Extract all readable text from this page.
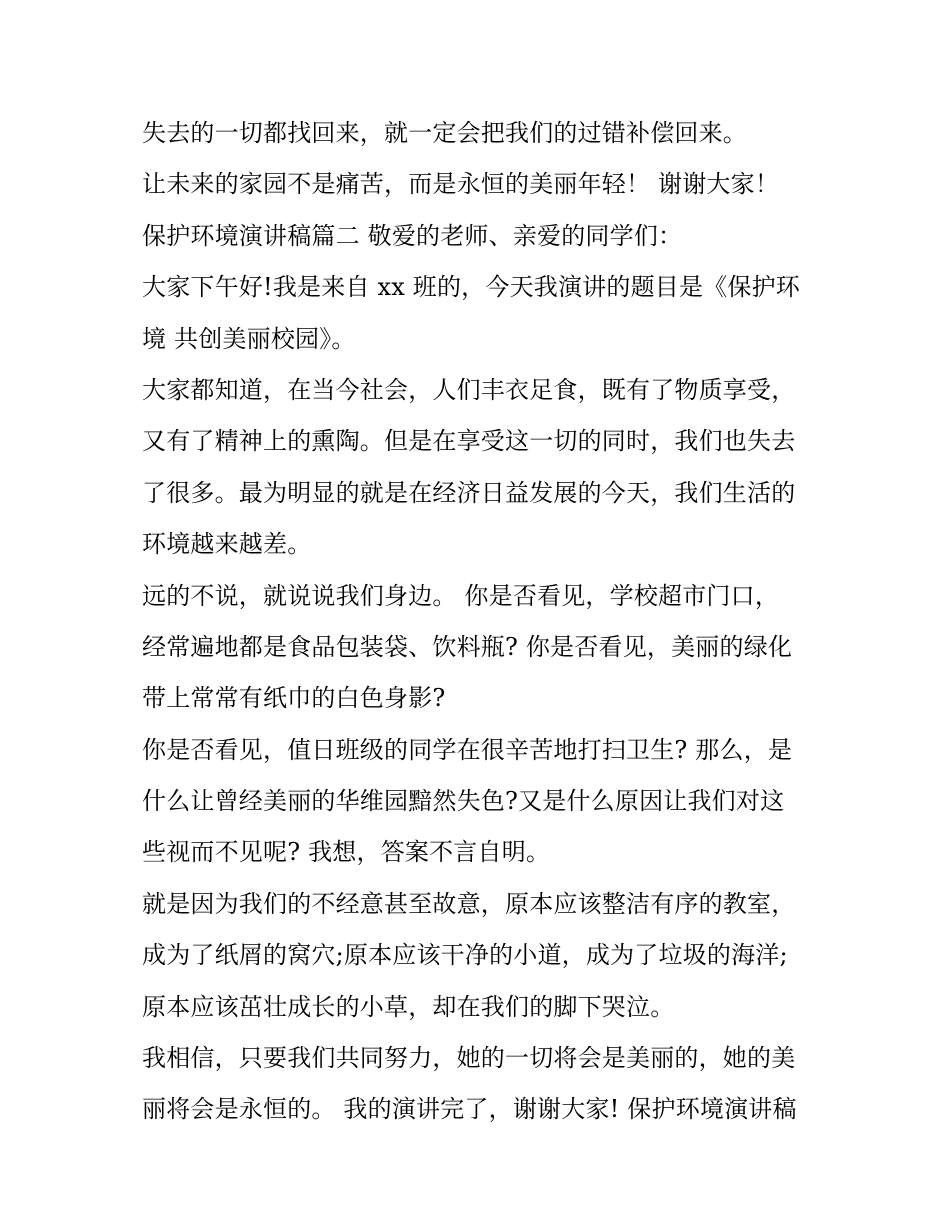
失去的一切都找回来，就一定会把我们的过错补偿回来。
让未来的家园不是痛苦，而是永恒的美丽年轻！ 谢谢大家！
保护环境演讲稿篇二 敬爱的老师、亲爱的同学们：
大家下午好!我是来自 xx 班的，今天我演讲的题目是《保护环
境 共创美丽校园》。
大家都知道，在当今社会，人们丰衣足食，既有了物质享受，
又有了精神上的熏陶。但是在享受这一切的同时，我们也失去
了很多。最为明显的就是在经济日益发展的今天，我们生活的
环境越来越差。
远的不说，就说说我们身边。 你是否看见，学校超市门口，
经常遍地都是食品包装袋、饮料瓶? 你是否看见，美丽的绿化
带上常常有纸巾的白色身影?
你是否看见，值日班级的同学在很辛苦地打扫卫生? 那么，是
什么让曾经美丽的华维园黯然失色?又是什么原因让我们对这
些视而不见呢? 我想，答案不言自明。
就是因为我们的不经意甚至故意，原本应该整洁有序的教室，
成为了纸屑的窝穴;原本应该干净的小道，成为了垃圾的海洋;
原本应该茁壮成长的小草，却在我们的脚下哭泣。
我相信，只要我们共同努力，她的一切将会是美丽的，她的美
丽将会是永恒的。 我的演讲完了，谢谢大家! 保护环境演讲稿
